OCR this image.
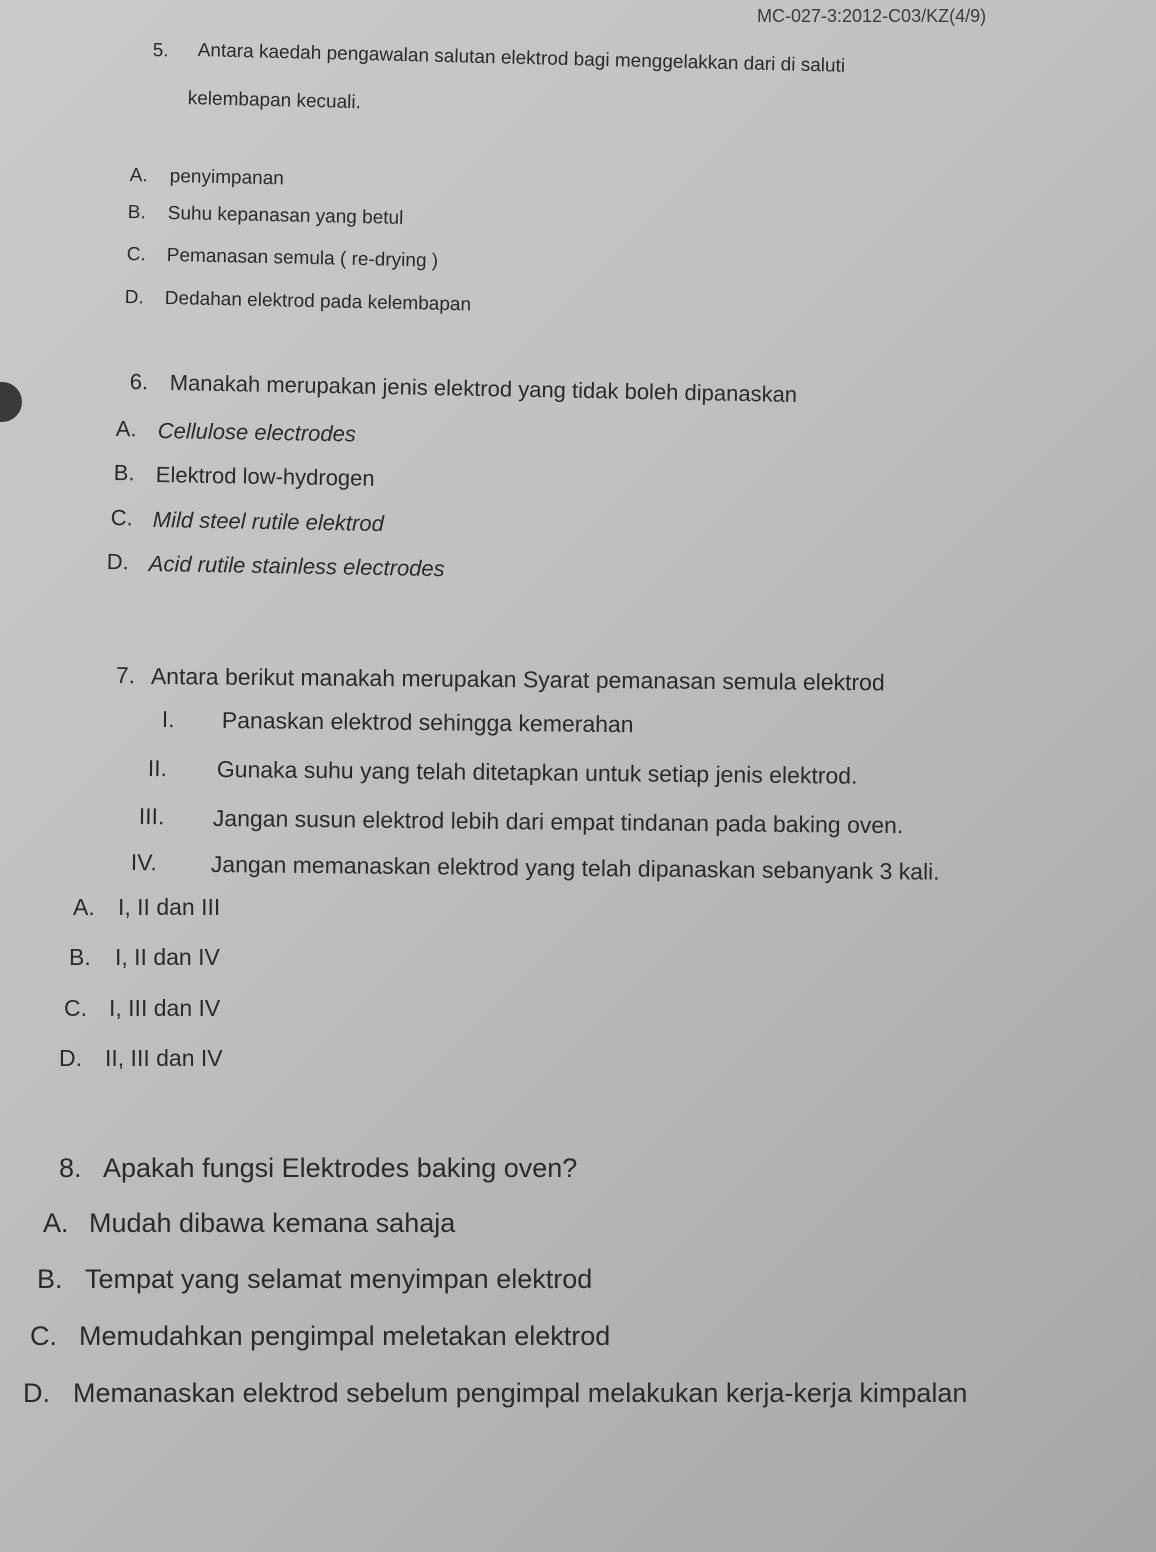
MC-027-3:2012-C03/KZ(4/9)
5. Antara kaedah pengawalan salutan elektrod bagi menggelakkan dari di saluti
kelembapan kecuali.
A. penyimpanan
B. Suhu kepanasan yang betul
C. Pemanasan semula ( re-drying )
D. Dedahan elektrod pada kelembapan
6. Manakah merupakan jenis elektrod yang tidak boleh dipanaskan
A. Cellulose electrodes
B. Elektrod low-hydrogen
C. Mild steel rutile elektrod
D. Acid rutile stainless electrodes
7. Antara berikut manakah merupakan Syarat pemanasan semula elektrod
I. Panaskan elektrod sehingga kemerahan
II. Gunaka suhu yang telah ditetapkan untuk setiap jenis elektrod.
III. Jangan susun elektrod lebih dari empat tindanan pada baking oven.
IV. Jangan memanaskan elektrod yang telah dipanaskan sebanyank 3 kali.
A. I, II dan III
B. I, II dan IV
C. I, III dan IV
D. II, III dan IV
8. Apakah fungsi Elektrodes baking oven?
A. Mudah dibawa kemana sahaja
B. Tempat yang selamat menyimpan elektrod
C. Memudahkan pengimpal meletakan elektrod
D. Memanaskan elektrod sebelum pengimpal melakukan kerja-kerja kimpalan
